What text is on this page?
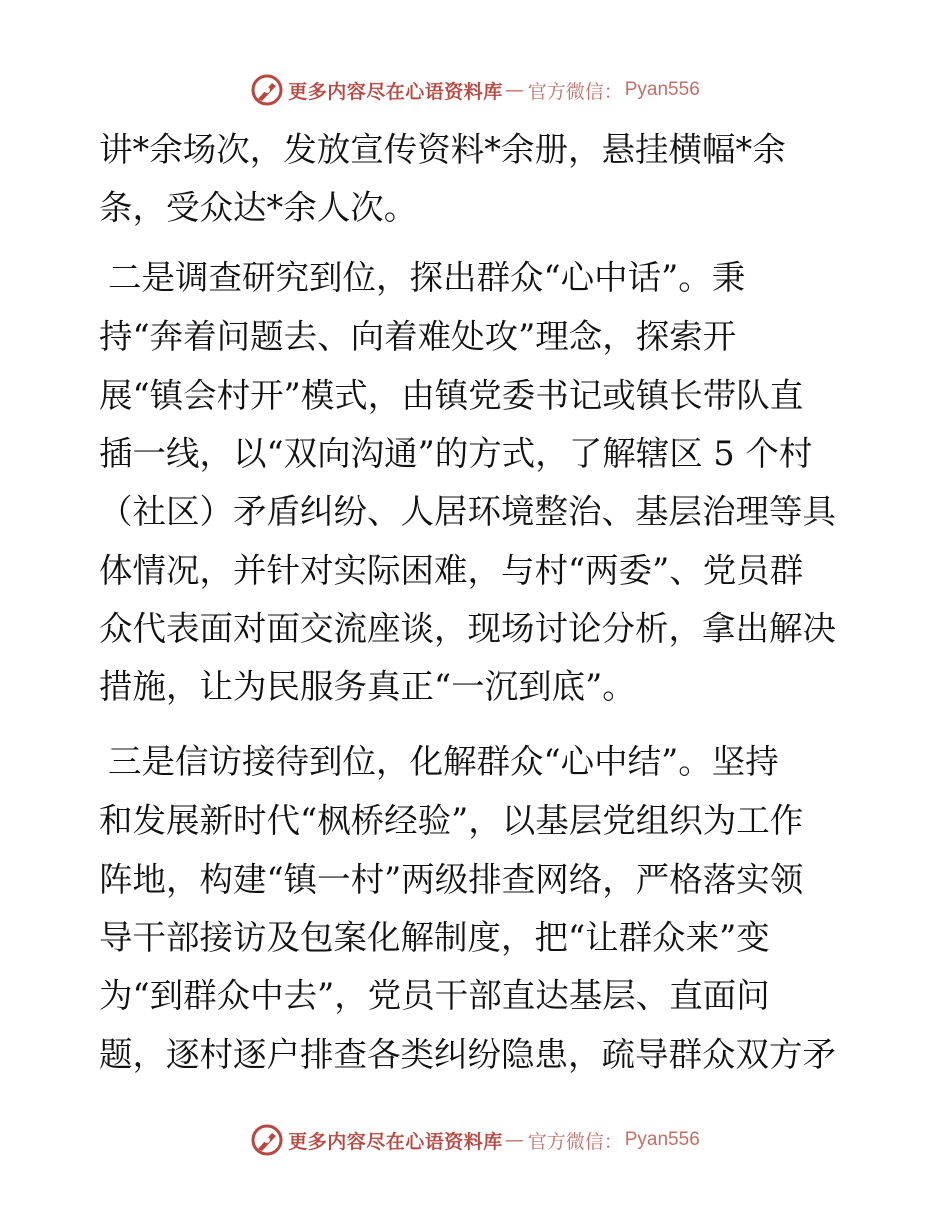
更多内容尽在心语资料库 — 官方微信： Pyan556
讲*余场次，发放宣传资料*余册，悬挂横幅*余
条，受众达*余人次。
二是调查研究到位，探出群众“心中话”。秉
持“奔着问题去、向着难处攻”理念，探索开
展“镇会村开”模式，由镇党委书记或镇长带队直
插一线，以“双向沟通”的方式，了解辖区 5 个村
（社区）矛盾纠纷、人居环境整治、基层治理等具
体情况，并针对实际困难，与村“两委”、党员群
众代表面对面交流座谈，现场讨论分析，拿出解决
措施，让为民服务真正“一沉到底”。
三是信访接待到位，化解群众“心中结”。坚持
和发展新时代“枫桥经验”，以基层党组织为工作
阵地，构建“镇一村”两级排查网络，严格落实领
导干部接访及包案化解制度，把“让群众来”变
为“到群众中去”，党员干部直达基层、直面问
题，逐村逐户排查各类纠纷隐患，疏导群众双方矛
更多内容尽在心语资料库 — 官方微信： Pyan556
